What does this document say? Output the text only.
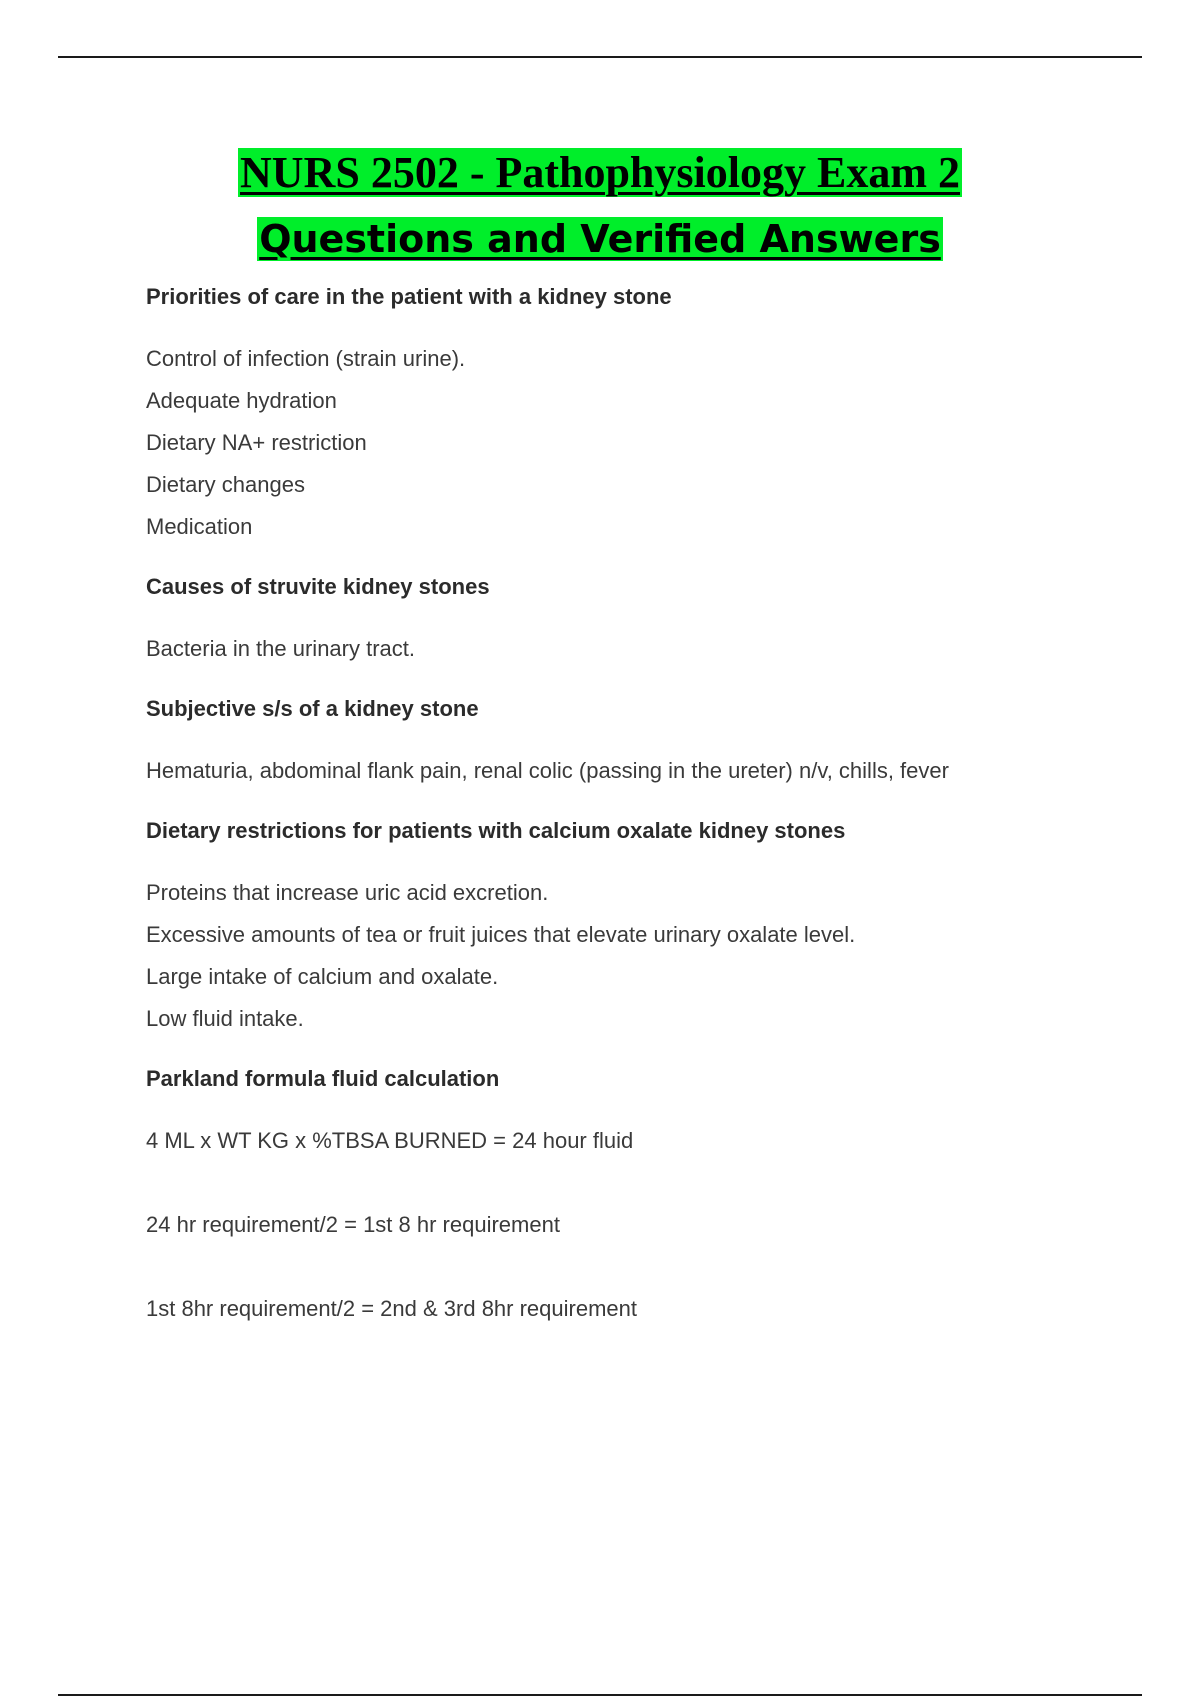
NURS 2502 - Pathophysiology Exam 2
Questions and Verified Answers

Priorities of care in the patient with a kidney stone

Control of infection (strain urine).

Adequate hydration

Dietary NA+ restriction

Dietary changes

Medication

Causes of struvite kidney stones

Bacteria in the urinary tract.

Subjective s/s of a kidney stone

Hematuria, abdominal flank pain, renal colic (passing in the ureter) n/v, chills, fever

Dietary restrictions for patients with calcium oxalate kidney stones

Proteins that increase uric acid excretion.

Excessive amounts of tea or fruit juices that elevate urinary oxalate level.

Large intake of calcium and oxalate.

Low fluid intake.

Parkland formula fluid calculation

4 ML x WT KG x %TBSA BURNED = 24 hour fluid

24 hr requirement/2 = 1st 8 hr requirement

1st 8hr requirement/2 = 2nd & 3rd 8hr requirement
